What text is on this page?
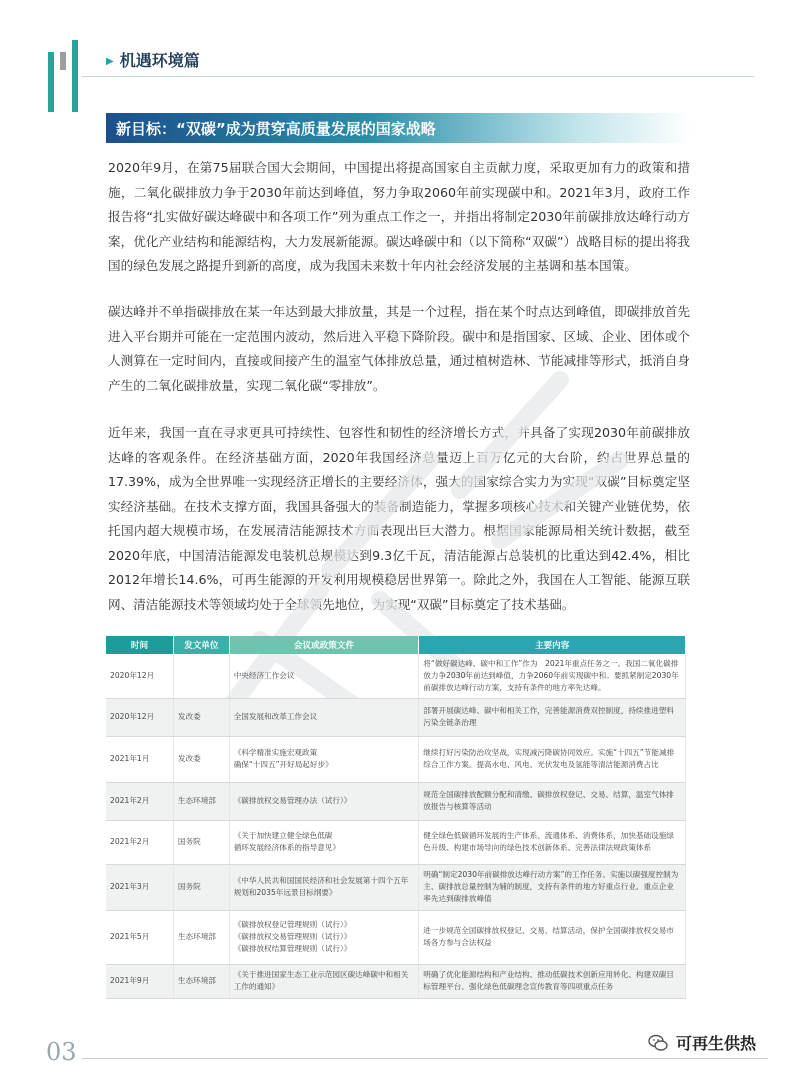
▶ 机遇环境篇
新目标：“双碳”成为贯穿高质量发展的国家战略

2020年9月，在第75届联合国大会期间，中国提出将提高国家自主贡献力度，采取更加有力的政策和措施，二氧化碳排放力争于2030年前达到峰值，努力争取2060年前实现碳中和。2021年3月，政府工作报告将“扎实做好碳达峰碳中和各项工作”列为重点工作之一，并指出将制定2030年前碳排放达峰行动方案，优化产业结构和能源结构，大力发展新能源。碳达峰碳中和（以下简称“双碳”）战略目标的提出将我国的绿色发展之路提升到新的高度，成为我国未来数十年内社会经济发展的主基调和基本国策。

碳达峰并不单指碳排放在某一年达到最大排放量，其是一个过程，指在某个时点达到峰值，即碳排放首先进入平台期并可能在一定范围内波动，然后进入平稳下降阶段。碳中和是指国家、区域、企业、团体或个人测算在一定时间内，直接或间接产生的温室气体排放总量，通过植树造林、节能减排等形式，抵消自身产生的二氧化碳排放量，实现二氧化碳“零排放”。

近年来，我国一直在寻求更具可持续性、包容性和韧性的经济增长方式，并具备了实现2030年前碳排放达峰的客观条件。在经济基础方面，2020年我国经济总量迈上百万亿元的大台阶，约占世界总量的17.39%，成为全世界唯一实现经济正增长的主要经济体，强大的国家综合实力为实现“双碳”目标奠定坚实经济基础。在技术支撑方面，我国具备强大的装备制造能力，掌握多项核心技术和关键产业链优势，依托国内超大规模市场，在发展清洁能源技术方面表现出巨大潜力。根据国家能源局相关统计数据，截至2020年底，中国清洁能源发电装机总规模达到9.3亿千瓦，清洁能源占总装机的比重达到42.4%，相比2012年增长14.6%，可再生能源的开发利用规模稳居世界第一。除此之外，我国在人工智能、能源互联网、清洁能源技术等领域均处于全球领先地位，为实现“双碳”目标奠定了技术基础。

时间	发文单位	会议或政策文件	主要内容
2020年12月		中央经济工作会议	将“做好碳达峰、碳中和工作”作为　2021年重点任务之一。我国二氧化碳排放力争2030年前达到峰值，力争2060年前实现碳中和。要抓紧制定2030年前碳排放达峰行动方案，支持有条件的地方率先达峰。
2020年12月	发改委	全国发展和改革工作会议	部署开展碳达峰、碳中和相关工作，完善能源消费双控制度，持续推进塑料污染全链条治理
2021年1月	发改委	《科学精准实施宏观政策
确保“十四五”开好局起好步》	继续打好污染防治攻坚战，实现减污降碳协同效应。实施“十四五”节能减排综合工作方案。提高水电、风电、光伏发电及氢能等清洁能源消费占比
2021年2月	生态环境部	《碳排放权交易管理办法（试行）》	规范全国碳排放配额分配和清缴、碳排放权登记、交易、结算，温室气体排放报告与核算等活动
2021年2月	国务院	《关于加快建立健全绿色低碳
循环发展经济体系的指导意见》	健全绿色低碳循环发展的生产体系、流通体系、消费体系，加快基础设施绿色升级、构建市场导向的绿色技术创新体系、完善法律法规政策体系
2021年3月	国务院	《中华人民共和国国民经济和社会发展第十四个五年规划和2035年远景目标纲要》	明确“制定2030年前碳排放达峰行动方案”的工作任务。实施以碳强度控制为主、碳排放总量控制为辅的制度，支持有条件的地方好重点行业、重点企业率先达到碳排放峰值
2021年5月	生态环境部	《碳排放权登记管理规则（试行）》
《碳排放权交易管理规则（试行）》
《碳排放权结算管理规则（试行）》	进一步规范全国碳排放权登记、交易、结算活动，保护全国碳排放权交易市场各方参与合法权益
2021年9月	生态环境部	《关于推进国家生态工业示范园区碳达峰碳中和相关工作的通知》	明确了优化能源结构和产业结构、推动低碳技术创新应用转化、构建双碳目标管理平台、强化绿色低碳理念宣传教育等四项重点任务
03	可再生供热
